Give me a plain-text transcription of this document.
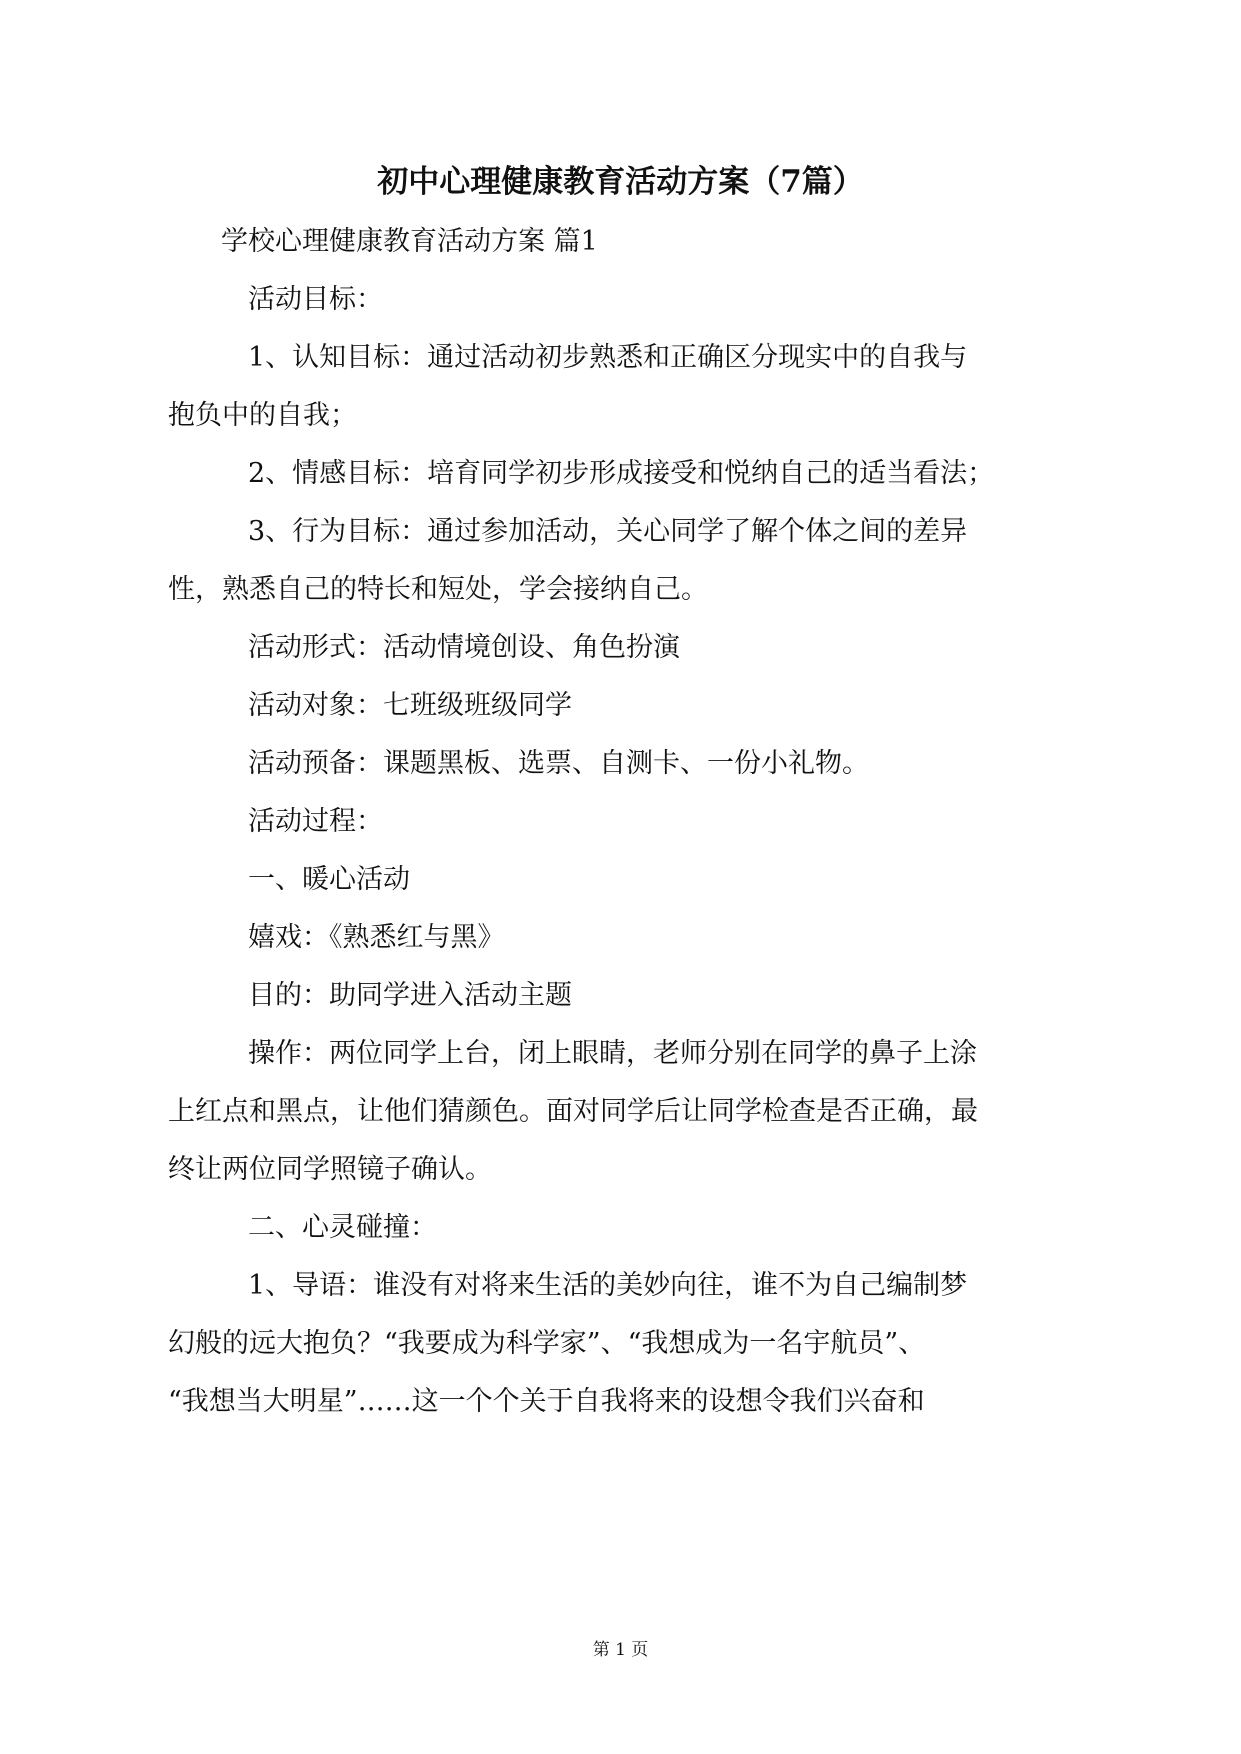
初中心理健康教育活动方案（7篇）
学校心理健康教育活动方案 篇1
活动目标：
1、认知目标：通过活动初步熟悉和正确区分现实中的自我与
抱负中的自我；
2、情感目标：培育同学初步形成接受和悦纳自己的适当看法；
3、行为目标：通过参加活动，关心同学了解个体之间的差异
性，熟悉自己的特长和短处，学会接纳自己。
活动形式：活动情境创设、角色扮演
活动对象：七班级班级同学
活动预备：课题黑板、选票、自测卡、一份小礼物。
活动过程：
一、暖心活动
嬉戏：《熟悉红与黑》
目的：助同学进入活动主题
操作：两位同学上台，闭上眼睛，老师分别在同学的鼻子上涂
上红点和黑点，让他们猜颜色。面对同学后让同学检查是否正确，最
终让两位同学照镜子确认。
二、心灵碰撞：
1、导语：谁没有对将来生活的美妙向往，谁不为自己编制梦
幻般的远大抱负？“我要成为科学家”、“我想成为一名宇航员”、
“我想当大明星”……这一个个关于自我将来的设想令我们兴奋和
第 1 页
